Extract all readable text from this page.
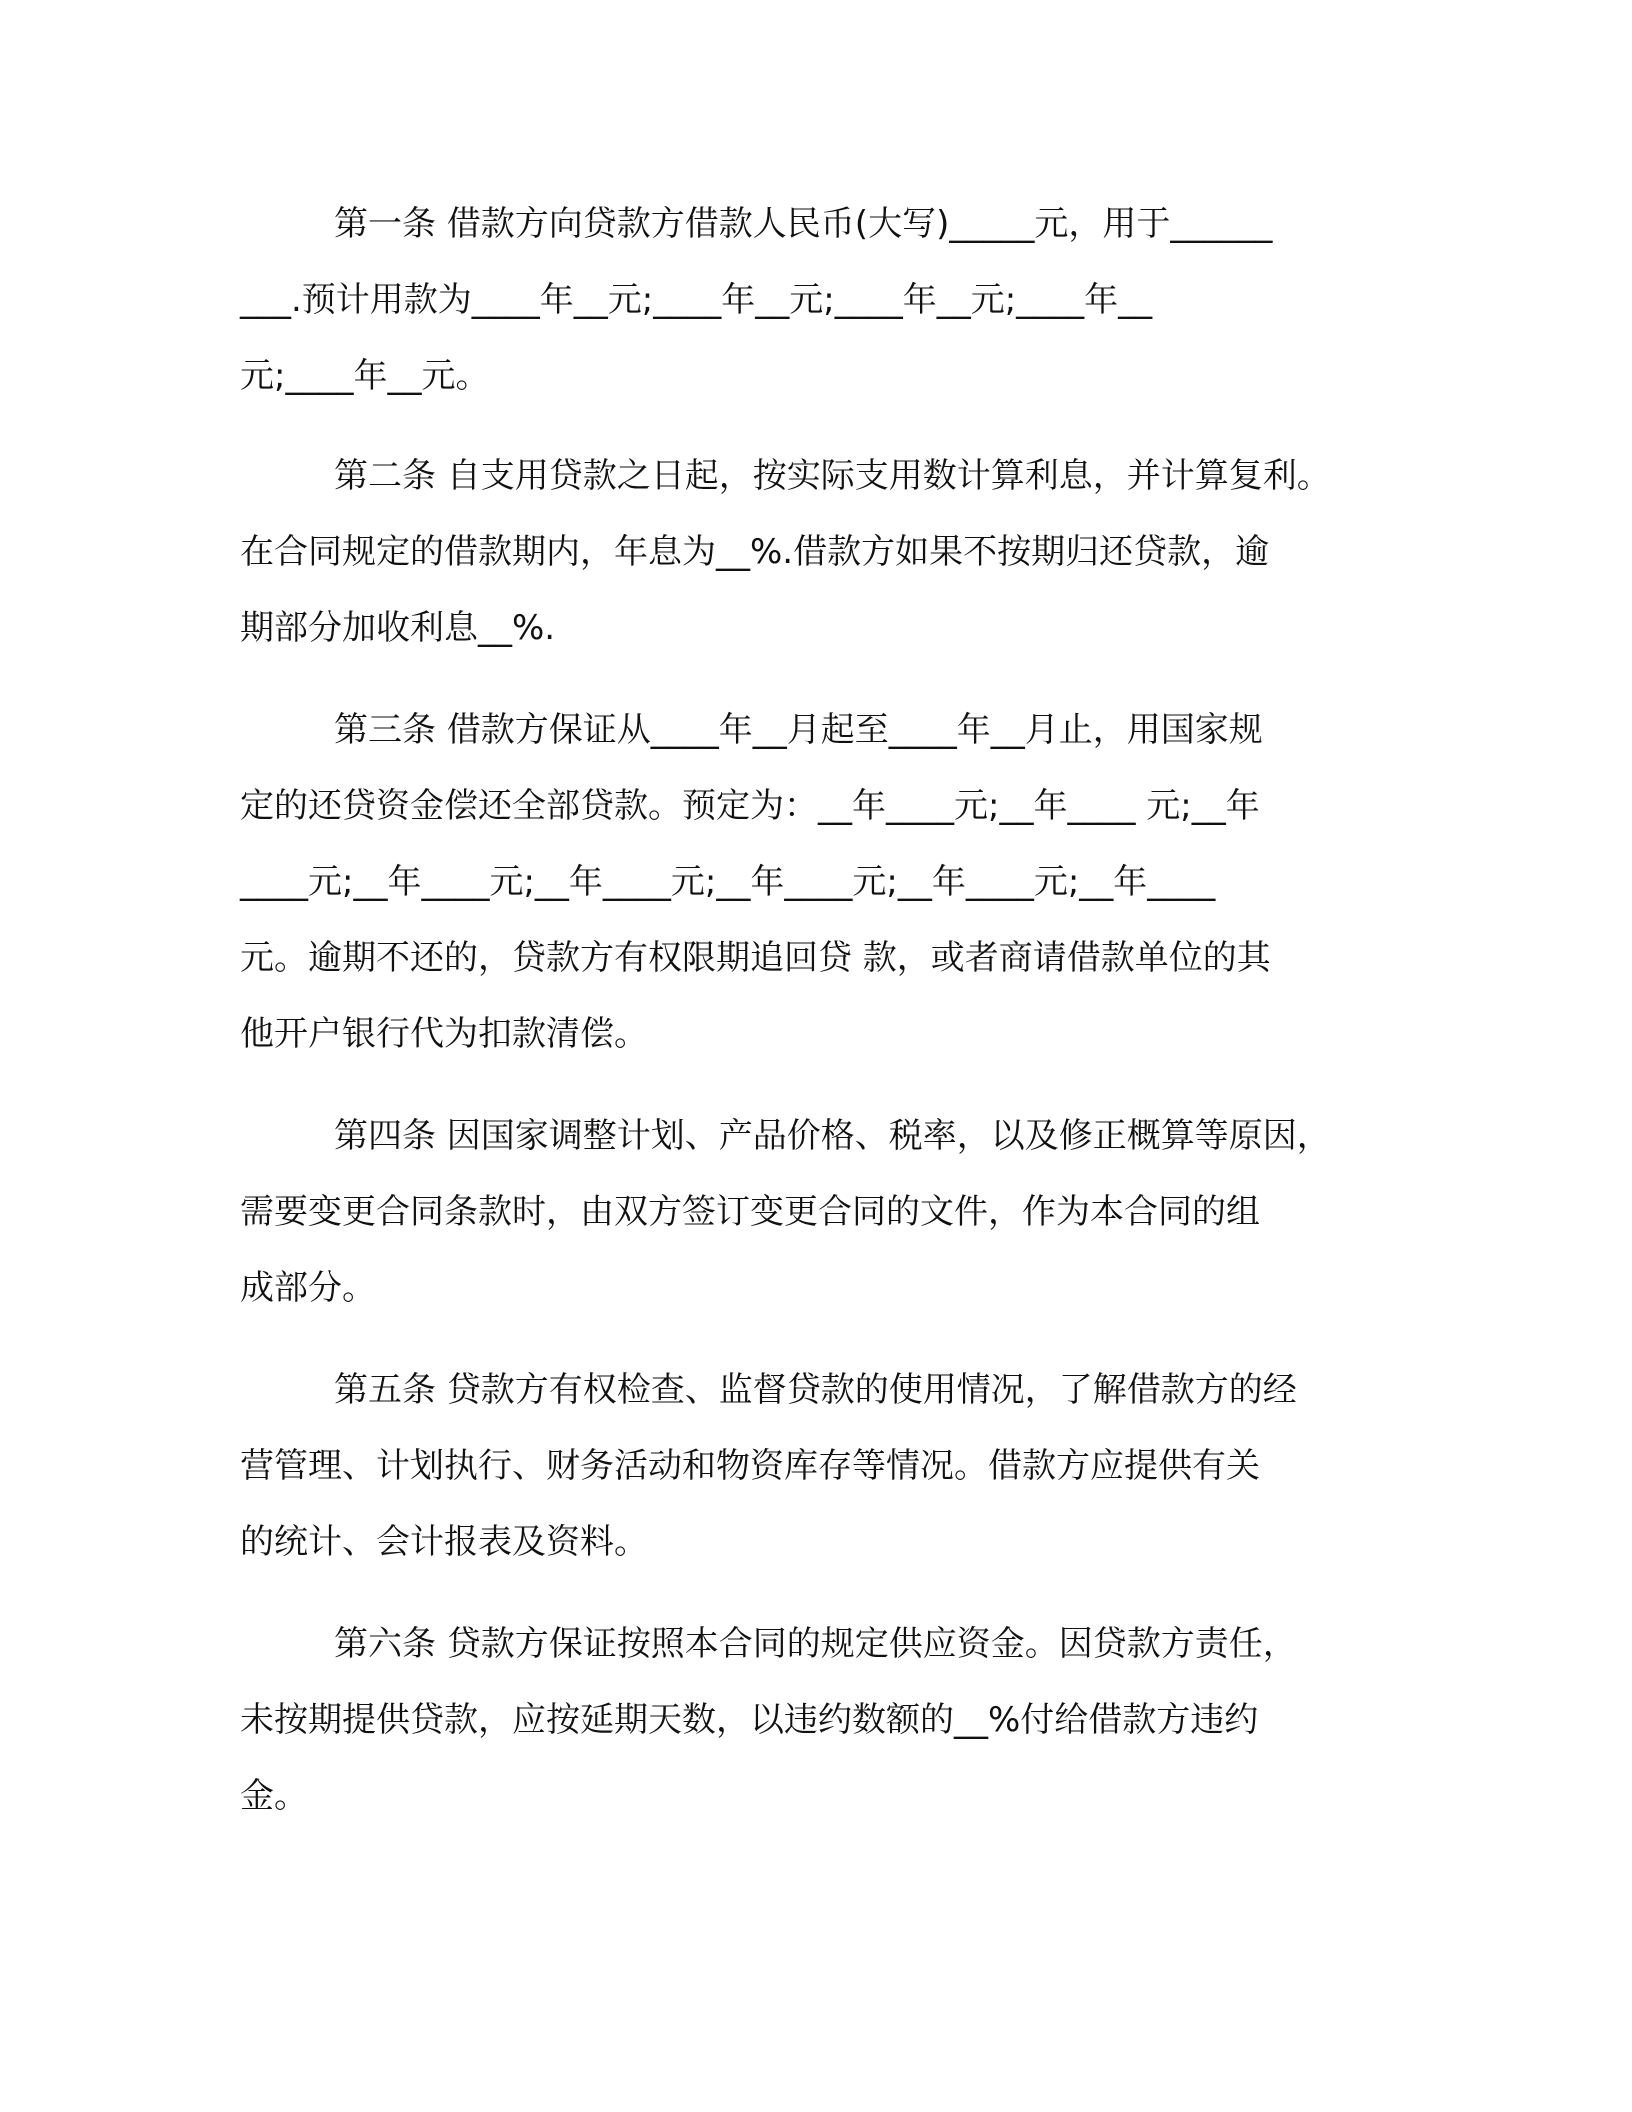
第一条 借款方向贷款方借款人民币(大写)_____元，用于______

___.预计用款为____年__元;____年__元;____年__元;____年__

元;____年__元。

第二条 自支用贷款之日起，按实际支用数计算利息，并计算复利。

在合同规定的借款期内，年息为__%.借款方如果不按期归还贷款，逾

期部分加收利息__%.

第三条 借款方保证从____年__月起至____年__月止，用国家规

定的还贷资金偿还全部贷款。预定为：__年____元;__年____ 元;__年

____元;__年____元;__年____元;__年____元;__年____元;__年____

元。逾期不还的，贷款方有权限期追回贷 款，或者商请借款单位的其

他开户银行代为扣款清偿。

第四条 因国家调整计划、产品价格、税率，以及修正概算等原因，

需要变更合同条款时，由双方签订变更合同的文件，作为本合同的组

成部分。

第五条 贷款方有权检查、监督贷款的使用情况，了解借款方的经

营管理、计划执行、财务活动和物资库存等情况。借款方应提供有关

的统计、会计报表及资料。

第六条 贷款方保证按照本合同的规定供应资金。因贷款方责任，

未按期提供贷款，应按延期天数，以违约数额的__%付给借款方违约

金。
